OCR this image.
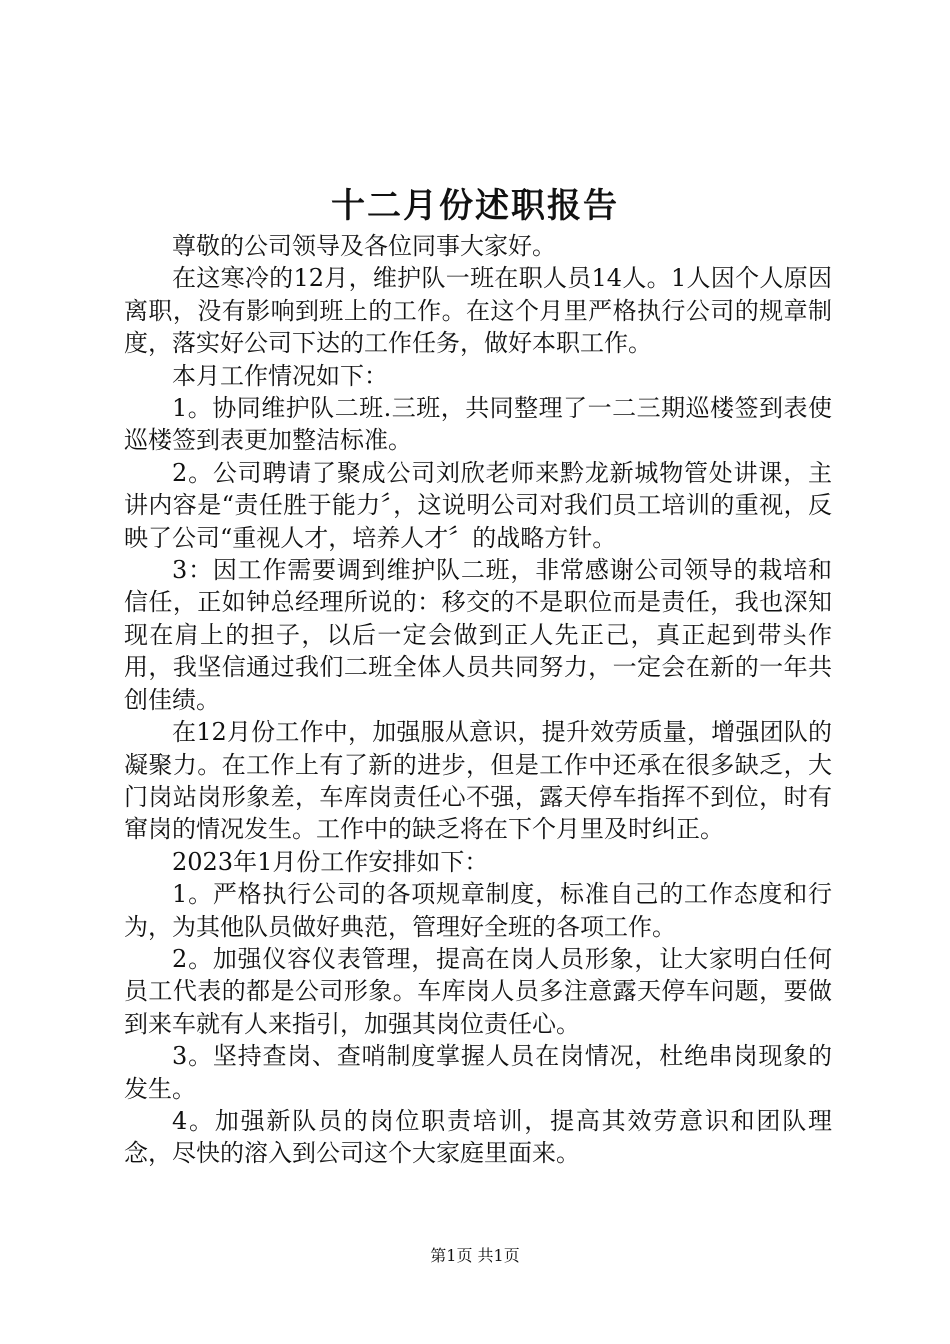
十二月份述职报告

尊敬的公司领导及各位同事大家好。

在这寒冷的12月，维护队一班在职人员14人。1人因个人原因离职，没有影响到班上的工作。在这个月里严格执行公司的规章制度，落实好公司下达的工作任务，做好本职工作。

本月工作情况如下：

1。协同维护队二班.三班，共同整理了一二三期巡楼签到表使巡楼签到表更加整洁标准。

2。公司聘请了聚成公司刘欣老师来黔龙新城物管处讲课，主讲内容是“责任胜于能力〞，这说明公司对我们员工培训的重视，反映了公司“重视人才，培养人才〞的战略方针。

3：因工作需要调到维护队二班，非常感谢公司领导的栽培和信任，正如钟总经理所说的：移交的不是职位而是责任，我也深知现在肩上的担子，以后一定会做到正人先正己，真正起到带头作用，我坚信通过我们二班全体人员共同努力，一定会在新的一年共创佳绩。

在12月份工作中，加强服从意识，提升效劳质量，增强团队的凝聚力。在工作上有了新的进步，但是工作中还承在很多缺乏，大门岗站岗形象差，车库岗责任心不强，露天停车指挥不到位，时有窜岗的情况发生。工作中的缺乏将在下个月里及时纠正。

2023年1月份工作安排如下：

1。严格执行公司的各项规章制度，标准自己的工作态度和行为，为其他队员做好典范，管理好全班的各项工作。

2。加强仪容仪表管理，提高在岗人员形象，让大家明白任何员工代表的都是公司形象。车库岗人员多注意露天停车问题，要做到来车就有人来指引，加强其岗位责任心。

3。坚持查岗、查哨制度掌握人员在岗情况，杜绝串岗现象的发生。

4。加强新队员的岗位职责培训，提高其效劳意识和团队理念，尽快的溶入到公司这个大家庭里面来。

第1页 共1页
